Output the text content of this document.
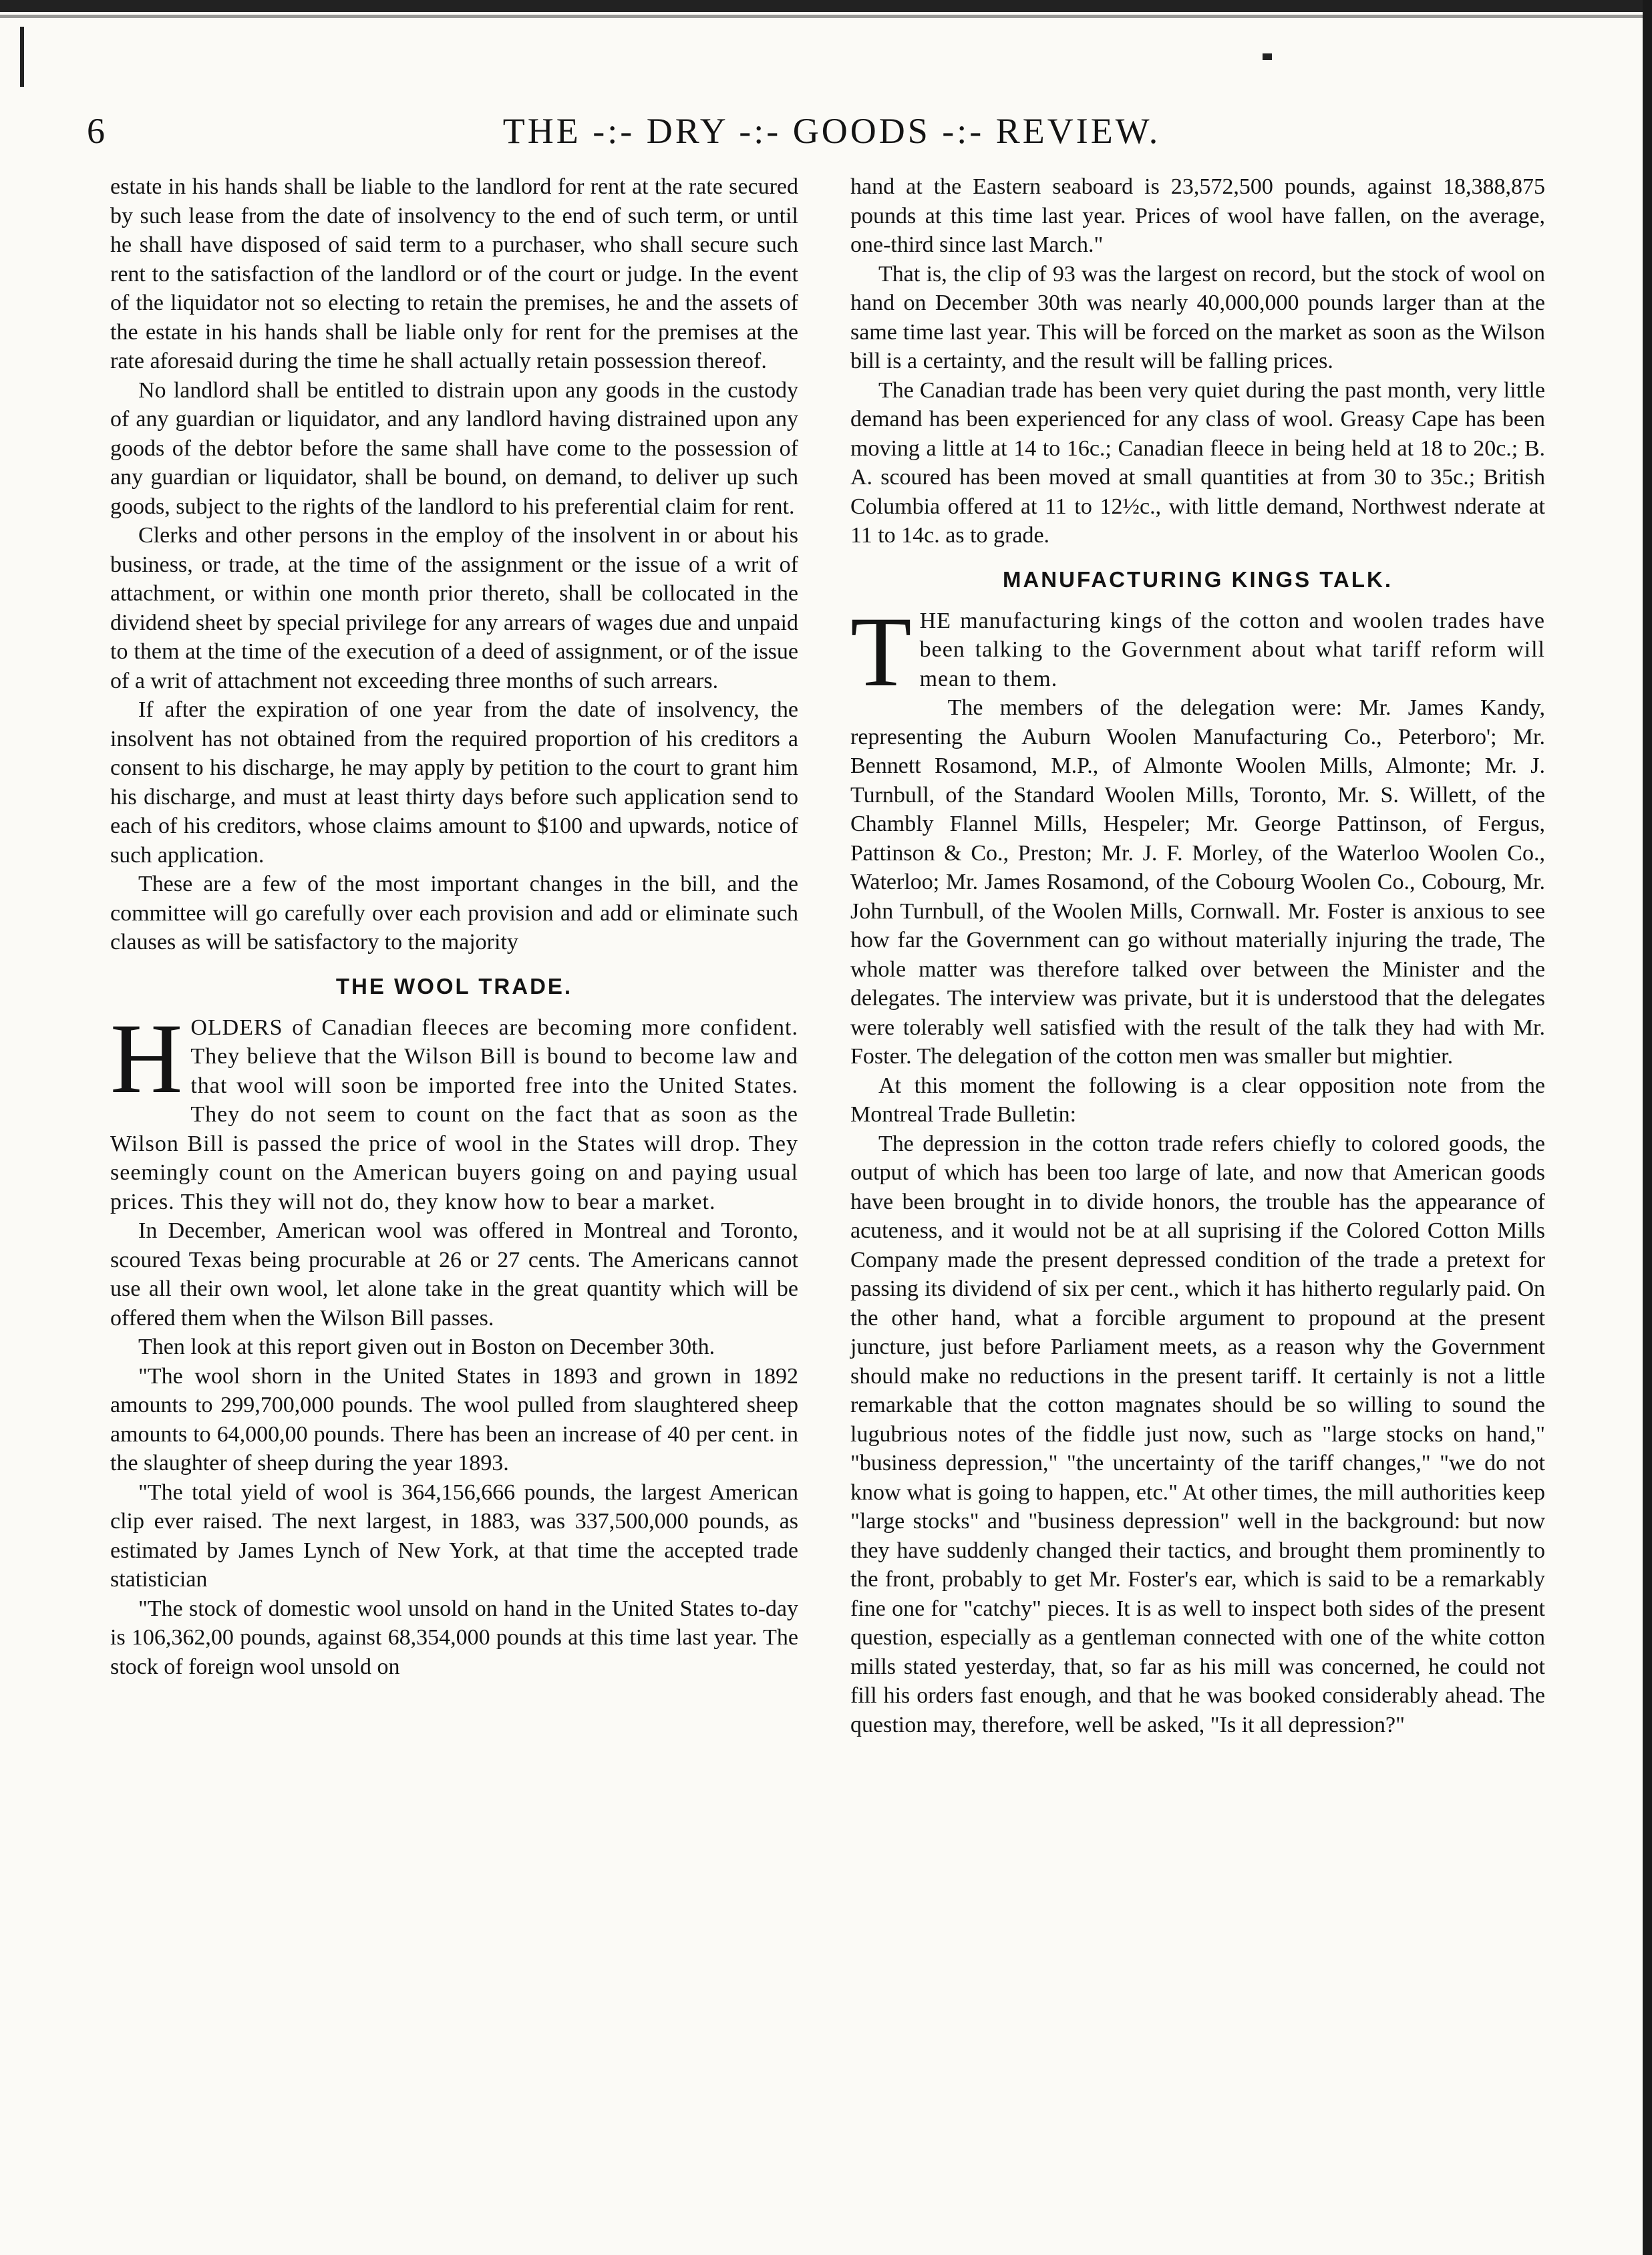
6	THE -:- DRY -:- GOODS -:- REVIEW.

estate in his hands shall be liable to the landlord for rent at the rate secured by such lease from the date of insolvency to the end of such term, or until he shall have disposed of said term to a purchaser, who shall secure such rent to the satisfaction of the landlord or of the court or judge. In the event of the liquidator not so electing to retain the premises, he and the assets of the estate in his hands shall be liable only for rent for the premises at the rate aforesaid during the time he shall actually retain possession thereof.

No landlord shall be entitled to distrain upon any goods in the custody of any guardian or liquidator, and any landlord having distrained upon any goods of the debtor before the same shall have come to the possession of any guardian or liquidator, shall be bound, on demand, to deliver up such goods, subject to the rights of the landlord to his preferential claim for rent.

Clerks and other persons in the employ of the insolvent in or about his business, or trade, at the time of the assignment or the issue of a writ of attachment, or within one month prior thereto, shall be collocated in the dividend sheet by special privilege for any arrears of wages due and unpaid to them at the time of the execution of a deed of assignment, or of the issue of a writ of attachment not exceeding three months of such arrears.

If after the expiration of one year from the date of insolvency, the insolvent has not obtained from the required proportion of his creditors a consent to his discharge, he may apply by petition to the court to grant him his discharge, and must at least thirty days before such application send to each of his creditors, whose claims amount to $100 and upwards, notice of such application.

These are a few of the most important changes in the bill, and the committee will go carefully over each provision and add or eliminate such clauses as will be satisfactory to the majority

THE WOOL TRADE.

HOLDERS of Canadian fleeces are becoming more confident. They believe that the Wilson Bill is bound to become law and that wool will soon be imported free into the United States. They do not seem to count on the fact that as soon as the Wilson Bill is passed the price of wool in the States will drop. They seemingly count on the American buyers going on and paying usual prices. This they will not do, they know how to bear a market.

In December, American wool was offered in Montreal and Toronto, scoured Texas being procurable at 26 or 27 cents. The Americans cannot use all their own wool, let alone take in the great quantity which will be offered them when the Wilson Bill passes.

Then look at this report given out in Boston on December 30th.

"The wool shorn in the United States in 1893 and grown in 1892 amounts to 299,700,000 pounds. The wool pulled from slaughtered sheep amounts to 64,000,00 pounds. There has been an increase of 40 per cent. in the slaughter of sheep during the year 1893.

"The total yield of wool is 364,156,666 pounds, the largest American clip ever raised. The next largest, in 1883, was 337,500,000 pounds, as estimated by James Lynch of New York, at that time the accepted trade statistician

"The stock of domestic wool unsold on hand in the United States to-day is 106,362,00 pounds, against 68,354,000 pounds at this time last year. The stock of foreign wool unsold on

hand at the Eastern seaboard is 23,572,500 pounds, against 18,388,875 pounds at this time last year. Prices of wool have fallen, on the average, one-third since last March."

That is, the clip of 93 was the largest on record, but the stock of wool on hand on December 30th was nearly 40,000,000 pounds larger than at the same time last year. This will be forced on the market as soon as the Wilson bill is a certainty, and the result will be falling prices.

The Canadian trade has been very quiet during the past month, very little demand has been experienced for any class of wool. Greasy Cape has been moving a little at 14 to 16c.; Canadian fleece in being held at 18 to 20c.; B. A. scoured has been moved at small quantities at from 30 to 35c.; British Columbia offered at 11 to 12½c., with little demand, Northwest nderate at 11 to 14c. as to grade.

MANUFACTURING KINGS TALK.

THE manufacturing kings of the cotton and woolen trades have been talking to the Government about what tariff reform will mean to them.

The members of the delegation were: Mr. James Kandy, representing the Auburn Woolen Manufacturing Co., Peterboro'; Mr. Bennett Rosamond, M.P., of Almonte Woolen Mills, Almonte; Mr. J. Turnbull, of the Standard Woolen Mills, Toronto, Mr. S. Willett, of the Chambly Flannel Mills, Hespeler; Mr. George Pattinson, of Fergus, Pattinson & Co., Preston; Mr. J. F. Morley, of the Waterloo Woolen Co., Waterloo; Mr. James Rosamond, of the Cobourg Woolen Co., Cobourg, Mr. John Turnbull, of the Woolen Mills, Cornwall. Mr. Foster is anxious to see how far the Government can go without materially injuring the trade, The whole matter was therefore talked over between the Minister and the delegates. The interview was private, but it is understood that the delegates were tolerably well satisfied with the result of the talk they had with Mr. Foster. The delegation of the cotton men was smaller but mightier.

At this moment the following is a clear opposition note from the Montreal Trade Bulletin:

The depression in the cotton trade refers chiefly to colored goods, the output of which has been too large of late, and now that American goods have been brought in to divide honors, the trouble has the appearance of acuteness, and it would not be at all suprising if the Colored Cotton Mills Company made the present depressed condition of the trade a pretext for passing its dividend of six per cent., which it has hitherto regularly paid. On the other hand, what a forcible argument to propound at the present juncture, just before Parliament meets, as a reason why the Government should make no reductions in the present tariff. It certainly is not a little remarkable that the cotton magnates should be so willing to sound the lugubrious notes of the fiddle just now, such as "large stocks on hand," "business depression," "the uncertainty of the tariff changes," "we do not know what is going to happen, etc." At other times, the mill authorities keep "large stocks" and "business depression" well in the background: but now they have suddenly changed their tactics, and brought them prominently to the front, probably to get Mr. Foster's ear, which is said to be a remarkably fine one for "catchy" pieces. It is as well to inspect both sides of the present question, especially as a gentleman connected with one of the white cotton mills stated yesterday, that, so far as his mill was concerned, he could not fill his orders fast enough, and that he was booked considerably ahead. The question may, therefore, well be asked, "Is it all depression?"
